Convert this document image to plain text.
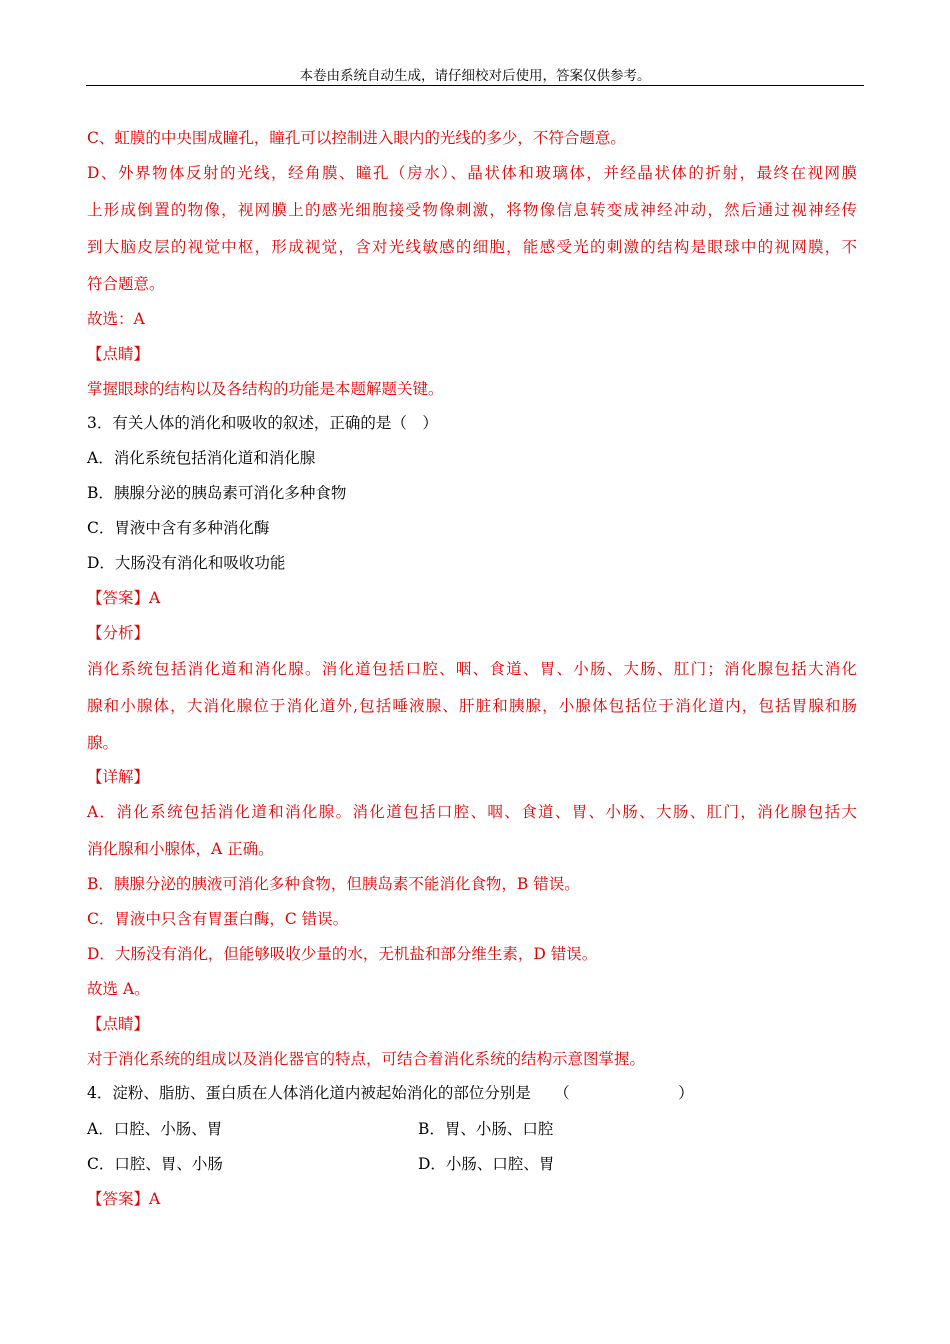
本卷由系统自动生成，请仔细校对后使用，答案仅供参考。
C、虹膜的中央围成瞳孔，瞳孔可以控制进入眼内的光线的多少，不符合题意。
D、外界物体反射的光线，经角膜、瞳孔（房水）、晶状体和玻璃体，并经晶状体的折射，最终在视网膜
上形成倒置的物像，视网膜上的感光细胞接受物像刺激，将物像信息转变成神经冲动，然后通过视神经传
到大脑皮层的视觉中枢，形成视觉，含对光线敏感的细胞，能感受光的刺激的结构是眼球中的视网膜，不
符合题意。
故选：A
【点睛】
掌握眼球的结构以及各结构的功能是本题解题关键。
3．有关人体的消化和吸收的叙述，正确的是（　）
A．消化系统包括消化道和消化腺
B．胰腺分泌的胰岛素可消化多种食物
C．胃液中含有多种消化酶
D．大肠没有消化和吸收功能
【答案】A
【分析】
消化系统包括消化道和消化腺。消化道包括口腔、咽、食道、胃、小肠、大肠、肛门；消化腺包括大消化
腺和小腺体，大消化腺位于消化道外,包括唾液腺、肝脏和胰腺，小腺体包括位于消化道内，包括胃腺和肠
腺。
【详解】
A．消化系统包括消化道和消化腺。消化道包括口腔、咽、食道、胃、小肠、大肠、肛门，消化腺包括大
消化腺和小腺体，A 正确。
B．胰腺分泌的胰液可消化多种食物，但胰岛素不能消化食物，B 错误。
C．胃液中只含有胃蛋白酶，C 错误。
D．大肠没有消化，但能够吸收少量的水，无机盐和部分维生素，D 错误。
故选 A。
【点睛】
对于消化系统的组成以及消化器官的特点，可结合着消化系统的结构示意图掌握。
4．淀粉、脂肪、蛋白质在人体消化道内被起始消化的部位分别是　　（　　　　　　　）
A．口腔、小肠、胃	B．胃、小肠、口腔
C．口腔、胃、小肠	D．小肠、口腔、胃
【答案】A
